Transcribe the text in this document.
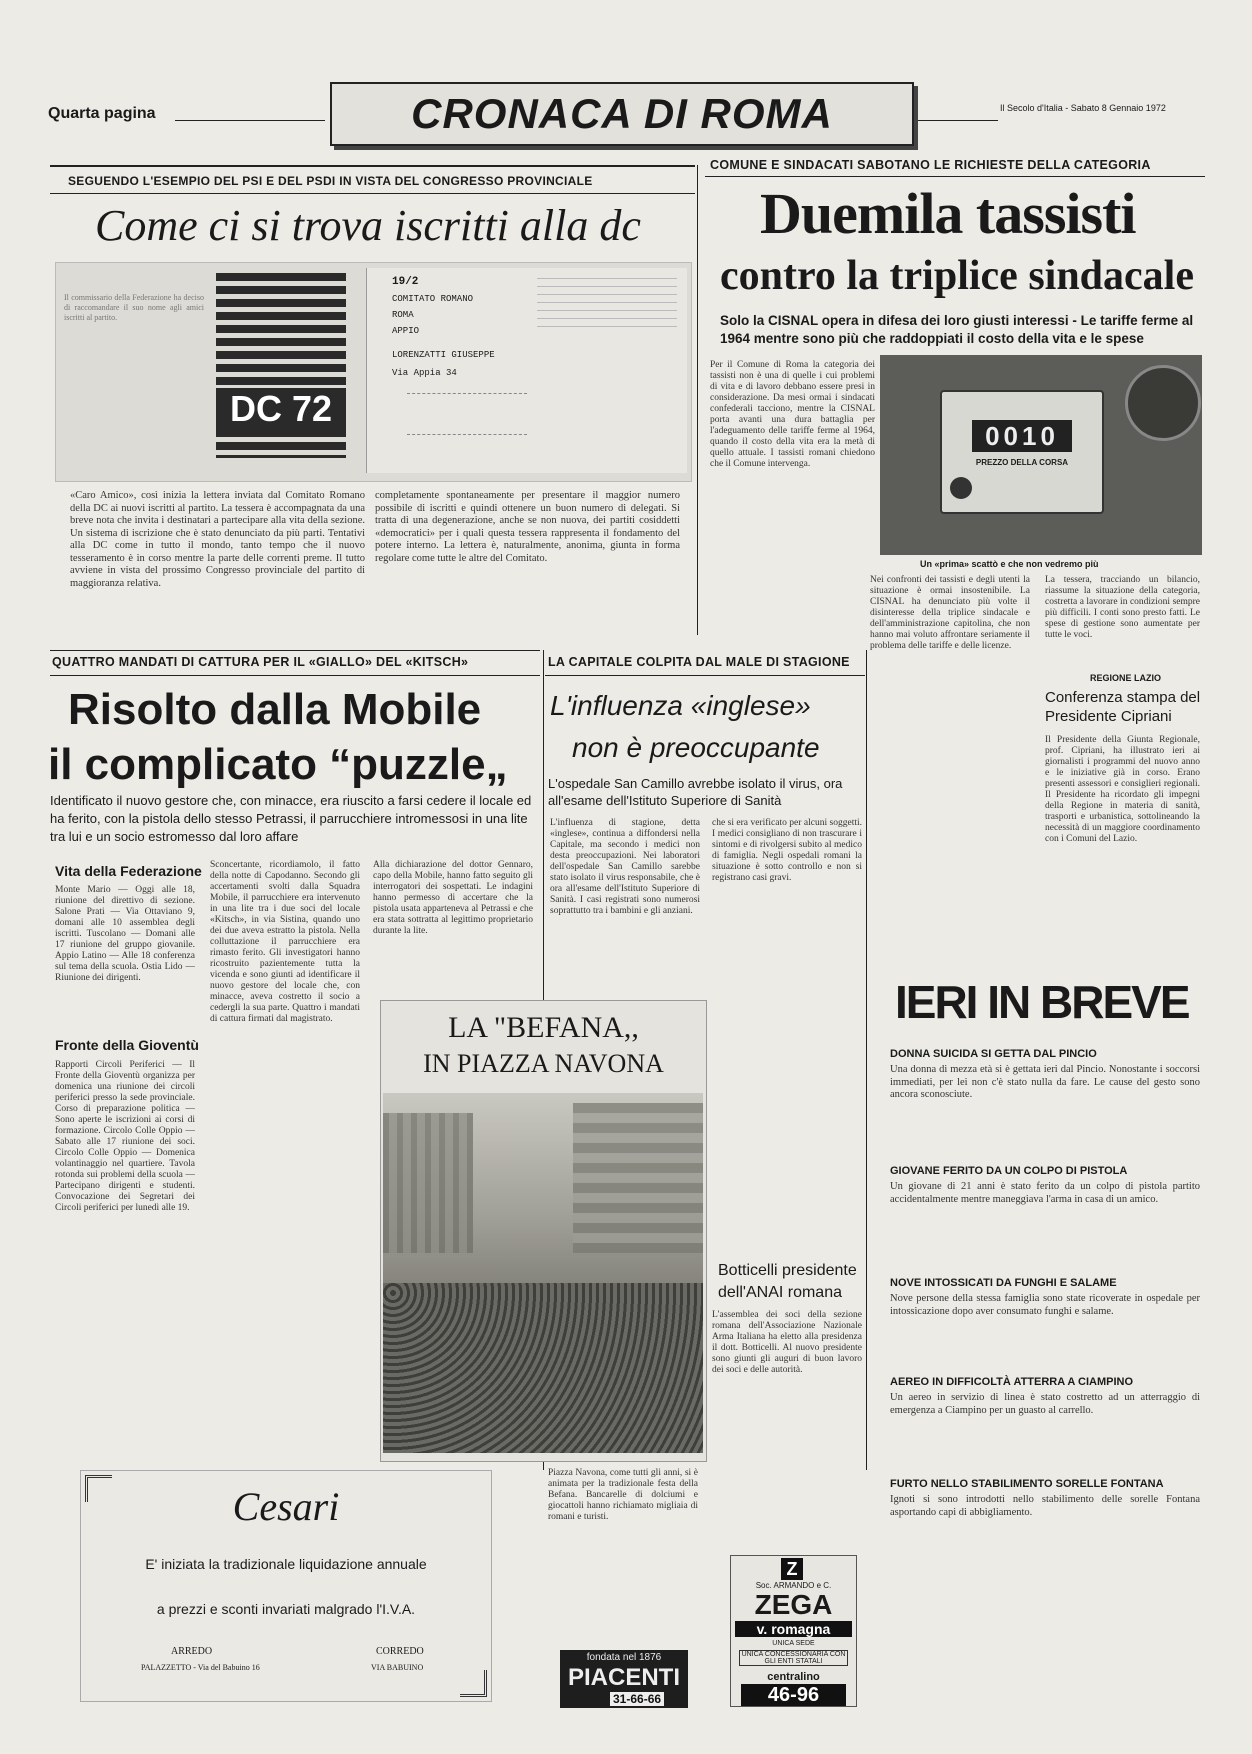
Quarta pagina	CRONACA DI ROMA	Il Secolo d'Italia - Sabato 8 Gennaio 1972
SEGUENDO L'ESEMPIO DEL PSI E DEL PSDI IN VISTA DEL CONGRESSO PROVINCIALE
Come ci si trova iscritti alla dc
Il commissario della Federazione ha deciso di raccomandare il suo nome agli amici iscritti al partito.
DC 72
19/2
COMITATO ROMANO
ROMA
APPIO
LORENZATTI GIUSEPPE
Via Appia 34
«Caro Amico», così inizia la lettera inviata dal Comitato Romano della DC ai nuovi iscritti al partito. La tessera è accompagnata da una breve nota che invita i destinatari a partecipare alla vita della sezione. Un sistema di iscrizione che è stato denunciato da più parti. Tentativi alla DC come in tutto il mondo, tanto tempo che il nuovo tesseramento è in corso mentre la parte delle correnti preme. Il tutto avviene in vista del prossimo Congresso provinciale del partito di maggioranza relativa.
completamente spontaneamente per presentare il maggior numero possibile di iscritti e quindi ottenere un buon numero di delegati. Si tratta di una degenerazione, anche se non nuova, dei partiti cosiddetti «democratici» per i quali questa tessera rappresenta il fondamento del potere interno. La lettera è, naturalmente, anonima, giunta in forma regolare come tutte le altre del Comitato.
COMUNE E SINDACATI SABOTANO LE RICHIESTE DELLA CATEGORIA
Duemila tassisti
contro la triplice sindacale
Solo la CISNAL opera in difesa dei loro giusti interessi - Le tariffe ferme al 1964 mentre sono più che raddoppiati il costo della vita e le spese
Per il Comune di Roma la categoria dei tassisti non è una di quelle i cui problemi di vita e di lavoro debbano essere presi in considerazione. Da mesi ormai i sindacati confederali tacciono, mentre la CISNAL porta avanti una dura battaglia per l'adeguamento delle tariffe ferme al 1964, quando il costo della vita era la metà di quello attuale. I tassisti romani chiedono che il Comune intervenga.
0010
PREZZO DELLA CORSA
Un «prima» scattò e che non vedremo più
Nei confronti dei tassisti e degli utenti la situazione è ormai insostenibile. La CISNAL ha denunciato più volte il disinteresse della triplice sindacale e dell'amministrazione capitolina, che non hanno mai voluto affrontare seriamente il problema delle tariffe e delle licenze.
La tessera, tracciando un bilancio, riassume la situazione della categoria, costretta a lavorare in condizioni sempre più difficili. I conti sono presto fatti. Le spese di gestione sono aumentate per tutte le voci.
REGIONE LAZIO
Conferenza stampa del Presidente Cipriani
Il Presidente della Giunta Regionale, prof. Cipriani, ha illustrato ieri ai giornalisti i programmi del nuovo anno e le iniziative già in corso. Erano presenti assessori e consiglieri regionali. Il Presidente ha ricordato gli impegni della Regione in materia di sanità, trasporti e urbanistica, sottolineando la necessità di un maggiore coordinamento con i Comuni del Lazio.
QUATTRO MANDATI DI CATTURA PER IL «GIALLO» DEL «KITSCH»
Risolto dalla Mobile
il complicato “puzzle„
Identificato il nuovo gestore che, con minacce, era riuscito a farsi cedere il locale ed ha ferito, con la pistola dello stesso Petrassi, il parrucchiere intromessosi in una lite tra lui e un socio estromesso dal loro affare
Vita della Federazione
Monte Mario — Oggi alle 18, riunione del direttivo di sezione. Salone Prati — Via Ottaviano 9, domani alle 10 assemblea degli iscritti. Tuscolano — Domani alle 17 riunione del gruppo giovanile. Appio Latino — Alle 18 conferenza sul tema della scuola. Ostia Lido — Riunione dei dirigenti.
Fronte della Gioventù
Rapporti Circoli Periferici — Il Fronte della Gioventù organizza per domenica una riunione dei circoli periferici presso la sede provinciale. Corso di preparazione politica — Sono aperte le iscrizioni ai corsi di formazione. Circolo Colle Oppio — Sabato alle 17 riunione dei soci. Circolo Colle Oppio — Domenica volantinaggio nel quartiere. Tavola rotonda sui problemi della scuola — Partecipano dirigenti e studenti. Convocazione dei Segretari dei Circoli periferici per lunedì alle 19.
Sconcertante, ricordiamolo, il fatto della notte di Capodanno. Secondo gli accertamenti svolti dalla Squadra Mobile, il parrucchiere era intervenuto in una lite tra i due soci del locale «Kitsch», in via Sistina, quando uno dei due aveva estratto la pistola. Nella colluttazione il parrucchiere era rimasto ferito. Gli investigatori hanno ricostruito pazientemente tutta la vicenda e sono giunti ad identificare il nuovo gestore del locale che, con minacce, aveva costretto il socio a cedergli la sua parte. Quattro i mandati di cattura firmati dal magistrato.
Alla dichiarazione del dottor Gennaro, capo della Mobile, hanno fatto seguito gli interrogatori dei sospettati. Le indagini hanno permesso di accertare che la pistola usata apparteneva al Petrassi e che era stata sottratta al legittimo proprietario durante la lite.
LA CAPITALE COLPITA DAL MALE DI STAGIONE
L'influenza «inglese»
non è preoccupante
L'ospedale San Camillo avrebbe isolato il virus, ora all'esame dell'Istituto Superiore di Sanità
L'influenza di stagione, detta «inglese», continua a diffondersi nella Capitale, ma secondo i medici non desta preoccupazioni. Nei laboratori dell'ospedale San Camillo sarebbe stato isolato il virus responsabile, che è ora all'esame dell'Istituto Superiore di Sanità. I casi registrati sono numerosi soprattutto tra i bambini e gli anziani.
che si era verificato per alcuni soggetti. I medici consigliano di non trascurare i sintomi e di rivolgersi subito al medico di famiglia. Negli ospedali romani la situazione è sotto controllo e non si registrano casi gravi.
LA "BEFANA,,
IN PIAZZA NAVONA
Botticelli presidente
dell'ANAI romana
L'assemblea dei soci della sezione romana dell'Associazione Nazionale Arma Italiana ha eletto alla presidenza il dott. Botticelli. Al nuovo presidente sono giunti gli auguri di buon lavoro dei soci e delle autorità.
IERI IN BREVE
DONNA SUICIDA SI GETTA DAL PINCIO
Una donna di mezza età si è gettata ieri dal Pincio. Nonostante i soccorsi immediati, per lei non c'è stato nulla da fare. Le cause del gesto sono ancora sconosciute.
GIOVANE FERITO DA UN COLPO DI PISTOLA
Un giovane di 21 anni è stato ferito da un colpo di pistola partito accidentalmente mentre maneggiava l'arma in casa di un amico.
NOVE INTOSSICATI DA FUNGHI E SALAME
Nove persone della stessa famiglia sono state ricoverate in ospedale per intossicazione dopo aver consumato funghi e salame.
AEREO IN DIFFICOLTÀ ATTERRA A CIAMPINO
Un aereo in servizio di linea è stato costretto ad un atterraggio di emergenza a Ciampino per un guasto al carrello.
FURTO NELLO STABILIMENTO SORELLE FONTANA
Ignoti si sono introdotti nello stabilimento delle sorelle Fontana asportando capi di abbigliamento.
Cesari
E' iniziata la tradizionale liquidazione annuale
a prezzi e sconti invariati malgrado l'I.V.A.
ARREDO
PALAZZETTO - Via del Babuino 16
CORREDO
VIA BABUINO
Piazza Navona, come tutti gli anni, si è animata per la tradizionale festa della Befana. Bancarelle di dolciumi e giocattoli hanno richiamato migliaia di romani e turisti.
fondata nel 1876
PIACENTI
31-66-66
Z
Soc. ARMANDO e C.
ZEGA
v. romagna
UNICA SEDE
UNICA CONCESSIONARIA CON GLI ENTI STATALI
centralino
46-96
